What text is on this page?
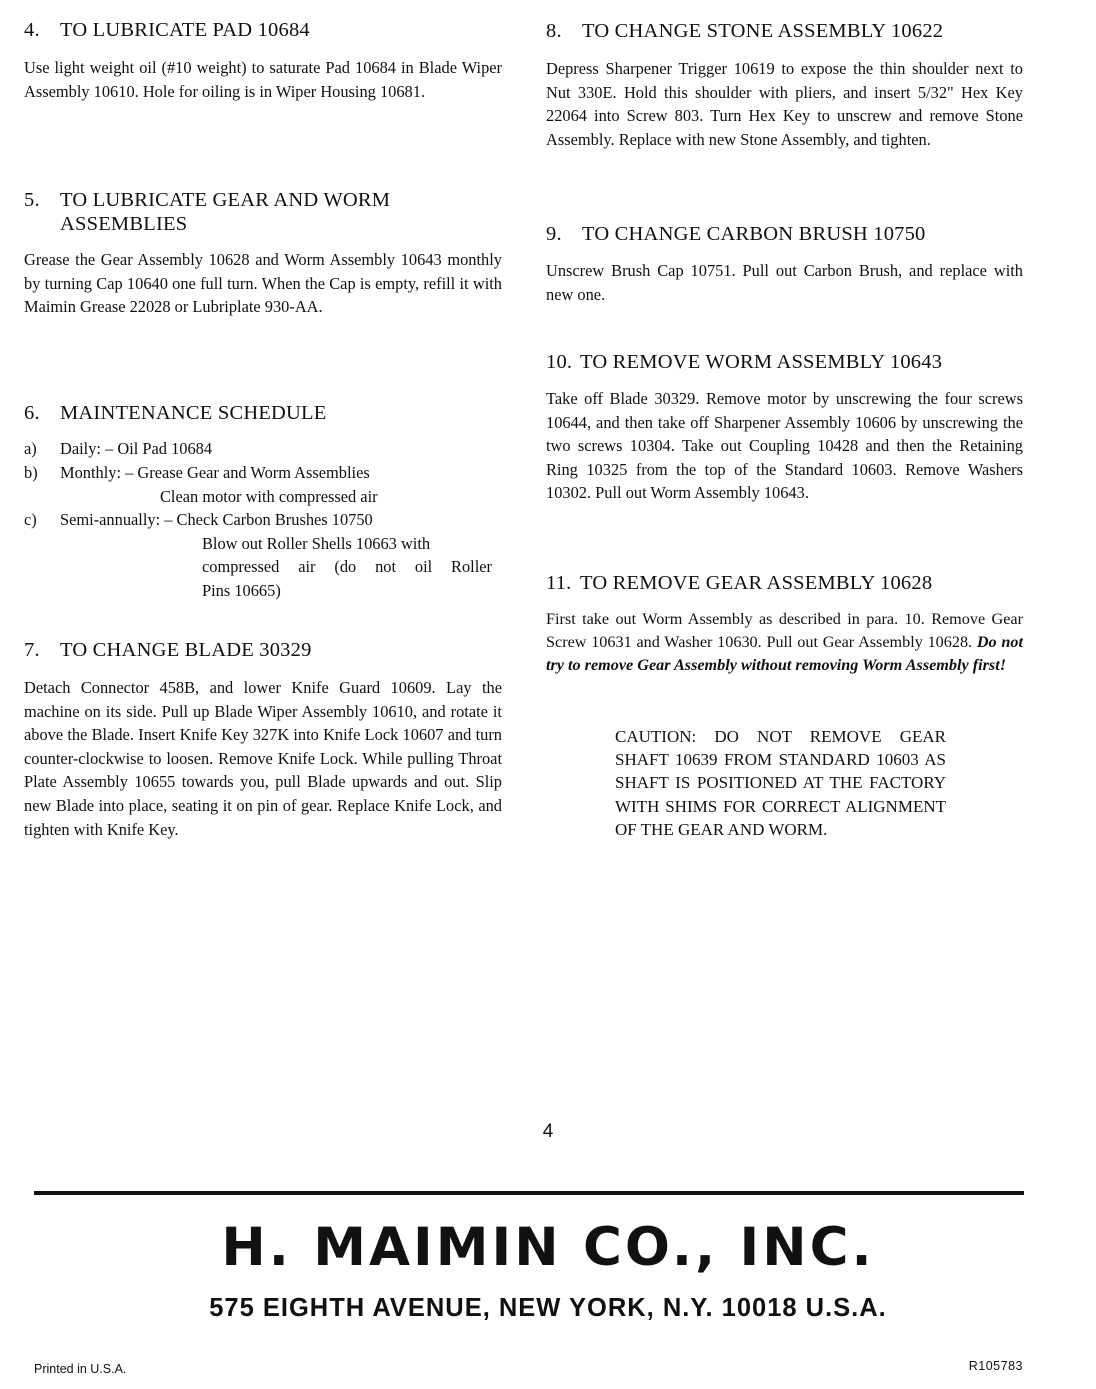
4. TO LUBRICATE PAD 10684

Use light weight oil (#10 weight) to saturate Pad 10684 in Blade Wiper Assembly 10610. Hole for oiling is in Wiper Housing 10681.

5. TO LUBRICATE GEAR AND WORM ASSEMBLIES

Grease the Gear Assembly 10628 and Worm Assembly 10643 monthly by turning Cap 10640 one full turn. When the Cap is empty, refill it with Maimin Grease 22028 or Lubriplate 930-AA.

6. MAINTENANCE SCHEDULE
a) Daily: – Oil Pad 10684
b) Monthly: – Grease Gear and Worm Assemblies
Clean motor with compressed air
c) Semi-annually: – Check Carbon Brushes 10750
Blow out Roller Shells 10663 with
compressed air (do not oil Roller
Pins 10665)
7. TO CHANGE BLADE 30329

Detach Connector 458B, and lower Knife Guard 10609. Lay the machine on its side. Pull up Blade Wiper Assembly 10610, and rotate it above the Blade. Insert Knife Key 327K into Knife Lock 10607 and turn counter-clockwise to loosen. Remove Knife Lock. While pulling Throat Plate Assembly 10655 towards you, pull Blade upwards and out. Slip new Blade into place, seating it on pin of gear. Replace Knife Lock, and tighten with Knife Key.

8. TO CHANGE STONE ASSEMBLY 10622

Depress Sharpener Trigger 10619 to expose the thin shoulder next to Nut 330E. Hold this shoulder with pliers, and insert 5/32" Hex Key 22064 into Screw 803. Turn Hex Key to unscrew and remove Stone Assembly. Replace with new Stone Assembly, and tighten.

9. TO CHANGE CARBON BRUSH 10750

Unscrew Brush Cap 10751. Pull out Carbon Brush, and replace with new one.

10. TO REMOVE WORM ASSEMBLY 10643

Take off Blade 30329. Remove motor by unscrewing the four screws 10644, and then take off Sharpener Assembly 10606 by unscrewing the two screws 10304. Take out Coupling 10428 and then the Retaining Ring 10325 from the top of the Standard 10603. Remove Washers 10302. Pull out Worm Assembly 10643.

11. TO REMOVE GEAR ASSEMBLY 10628

First take out Worm Assembly as described in para. 10. Remove Gear Screw 10631 and Washer 10630. Pull out Gear Assembly 10628. Do not try to remove Gear Assembly without removing Worm Assembly first!

CAUTION: DO NOT REMOVE GEAR SHAFT 10639 FROM STANDARD 10603 AS SHAFT IS POSITIONED AT THE FACTORY WITH SHIMS FOR CORRECT ALIGNMENT OF THE GEAR AND WORM.
4
H. MAIMIN CO., INC.
575 EIGHTH AVENUE, NEW YORK, N.Y. 10018 U.S.A.
Printed in U.S.A.	R105783
